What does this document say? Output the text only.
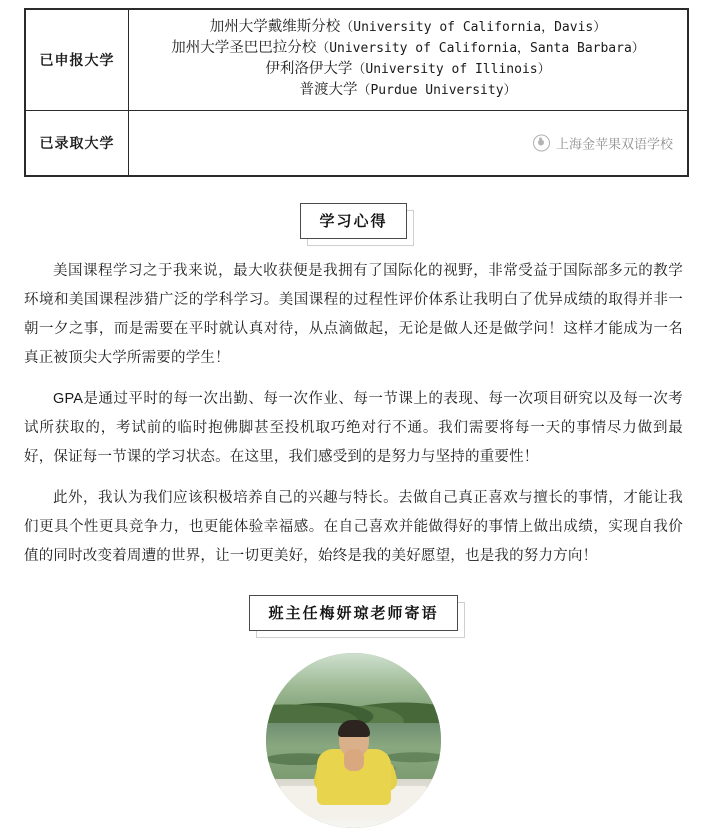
已申报大学	加州大学戴维斯分校（University of California，Davis）
加州大学圣巴巴拉分校（University of California，Santa Barbara）
伊利洛伊大学（University of Illinois）
普渡大学（Purdue University）

已录取大学	上海金苹果双语学校
学习心得

美国课程学习之于我来说，最大收获便是我拥有了国际化的视野，非常受益于国际部多元的教学环境和美国课程涉猎广泛的学科学习。美国课程的过程性评价体系让我明白了优异成绩的取得并非一朝一夕之事，而是需要在平时就认真对待，从点滴做起，无论是做人还是做学问！这样才能成为一名真正被顶尖大学所需要的学生！

GPA是通过平时的每一次出勤、每一次作业、每一节课上的表现、每一次项目研究以及每一次考试所获取的，考试前的临时抱佛脚甚至投机取巧绝对行不通。我们需要将每一天的事情尽力做到最好，保证每一节课的学习状态。在这里，我们感受到的是努力与坚持的重要性！

此外，我认为我们应该积极培养自己的兴趣与特长。去做自己真正喜欢与擅长的事情，才能让我们更具个性更具竞争力，也更能体验幸福感。在自己喜欢并能做得好的事情上做出成绩，实现自我价值的同时改变着周遭的世界，让一切更美好，始终是我的美好愿望，也是我的努力方向！

班主任梅妍琼老师寄语
